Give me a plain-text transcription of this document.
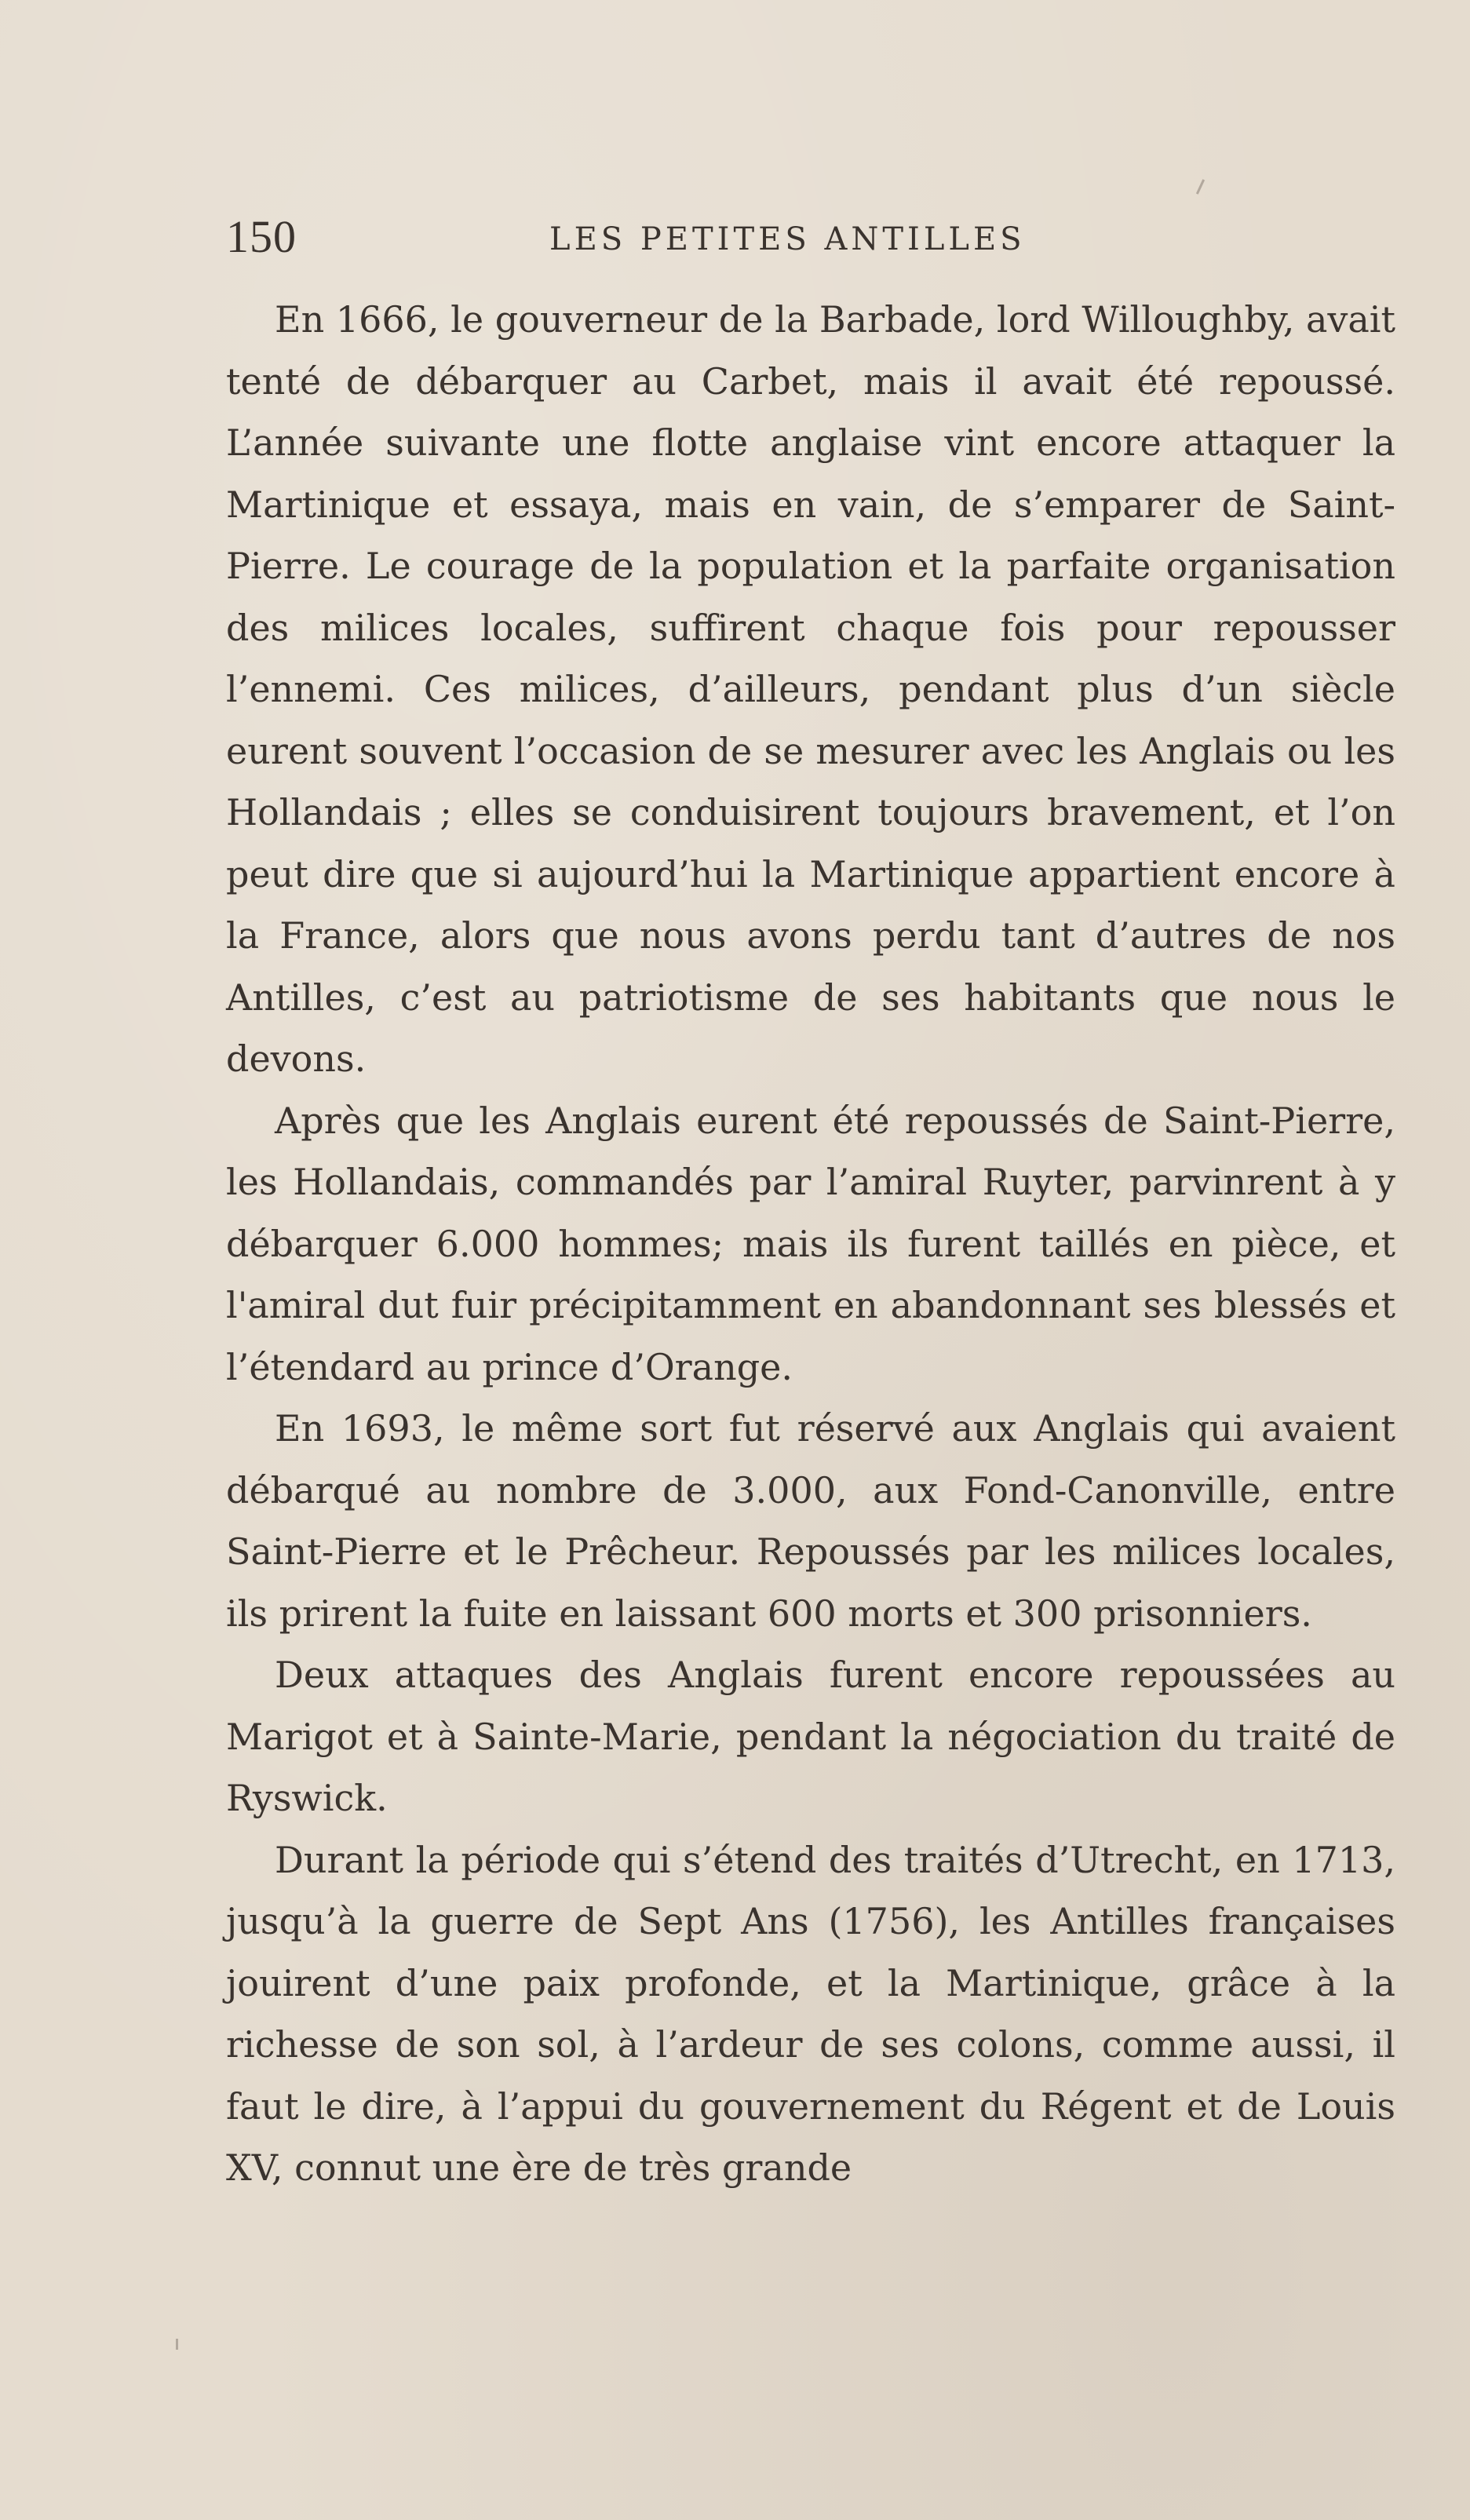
150	LES PETITES ANTILLES

En 1666, le gouverneur de la Barbade, lord Willoughby, avait tenté de débarquer au Carbet, mais il avait été repoussé. L’année suivante une flotte anglaise vint encore attaquer la Martinique et essaya, mais en vain, de s’emparer de Saint-Pierre. Le courage de la population et la parfaite organisation des milices locales, suffirent chaque fois pour repousser l’ennemi. Ces milices, d’ailleurs, pendant plus d’un siècle eurent souvent l’occasion de se mesurer avec les Anglais ou les Hollandais ; elles se conduisirent toujours bravement, et l’on peut dire que si aujourd’hui la Martinique appartient encore à la France, alors que nous avons perdu tant d’autres de nos Antilles, c’est au patriotisme de ses habitants que nous le devons.

Après que les Anglais eurent été repoussés de Saint-Pierre, les Hollandais, commandés par l’amiral Ruyter, parvinrent à y débarquer 6.000 hommes; mais ils furent taillés en pièce, et l'amiral dut fuir précipitamment en abandonnant ses blessés et l’étendard au prince d’Orange.

En 1693, le même sort fut réservé aux Anglais qui avaient débarqué au nombre de 3.000, aux Fond-Canonville, entre Saint-Pierre et le Prêcheur. Repoussés par les milices locales, ils prirent la fuite en laissant 600 morts et 300 prisonniers.

Deux attaques des Anglais furent encore repoussées au Marigot et à Sainte-Marie, pendant la négociation du traité de Ryswick.

Durant la période qui s’étend des traités d’Utrecht, en 1713, jusqu’à la guerre de Sept Ans (1756), les Antilles françaises jouirent d’une paix profonde, et la Martinique, grâce à la richesse de son sol, à l’ardeur de ses colons, comme aussi, il faut le dire, à l’appui du gouvernement du Régent et de Louis XV, connut une ère de très grande
